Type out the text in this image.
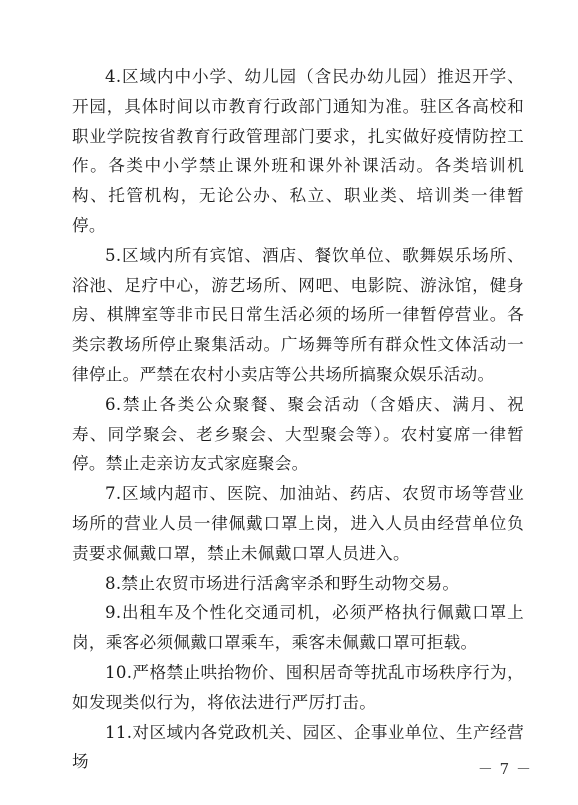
4.区域内中小学、幼儿园（含民办幼儿园）推迟开学、开园，具体时间以市教育行政部门通知为准。驻区各高校和职业学院按省教育行政管理部门要求，扎实做好疫情防控工作。各类中小学禁止课外班和课外补课活动。各类培训机构、托管机构，无论公办、私立、职业类、培训类一律暂停。

5.区域内所有宾馆、酒店、餐饮单位、歌舞娱乐场所、浴池、足疗中心，游艺场所、网吧、电影院、游泳馆，健身房、棋牌室等非市民日常生活必须的场所一律暂停营业。各类宗教场所停止聚集活动。广场舞等所有群众性文体活动一律停止。严禁在农村小卖店等公共场所搞聚众娱乐活动。

6.禁止各类公众聚餐、聚会活动（含婚庆、满月、祝寿、同学聚会、老乡聚会、大型聚会等）。农村宴席一律暂停。禁止走亲访友式家庭聚会。

7.区域内超市、医院、加油站、药店、农贸市场等营业场所的营业人员一律佩戴口罩上岗，进入人员由经营单位负责要求佩戴口罩，禁止未佩戴口罩人员进入。

8.禁止农贸市场进行活禽宰杀和野生动物交易。

9.出租车及个性化交通司机，必须严格执行佩戴口罩上岗，乘客必须佩戴口罩乘车，乘客未佩戴口罩可拒载。

10.严格禁止哄抬物价、囤积居奇等扰乱市场秩序行为，如发现类似行为，将依法进行严厉打击。

11.对区域内各党政机关、园区、企事业单位、生产经营场	－ 7 －
